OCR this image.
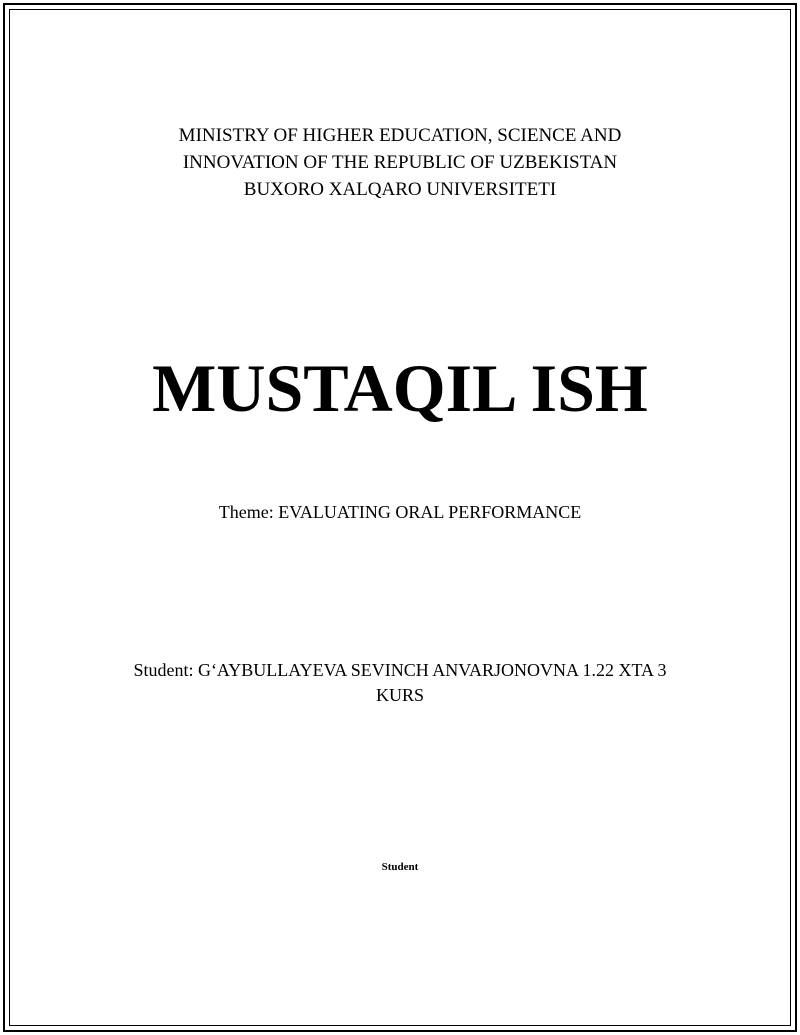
MINISTRY OF HIGHER EDUCATION, SCIENCE AND
INNOVATION OF THE REPUBLIC OF UZBEKISTAN
BUXORO XALQARO UNIVERSITETI
MUSTAQIL ISH
Theme: EVALUATING ORAL PERFORMANCE
Student: G‘AYBULLAYEVA SEVINCH ANVARJONOVNA 1.22 XTA 3
KURS
Student
